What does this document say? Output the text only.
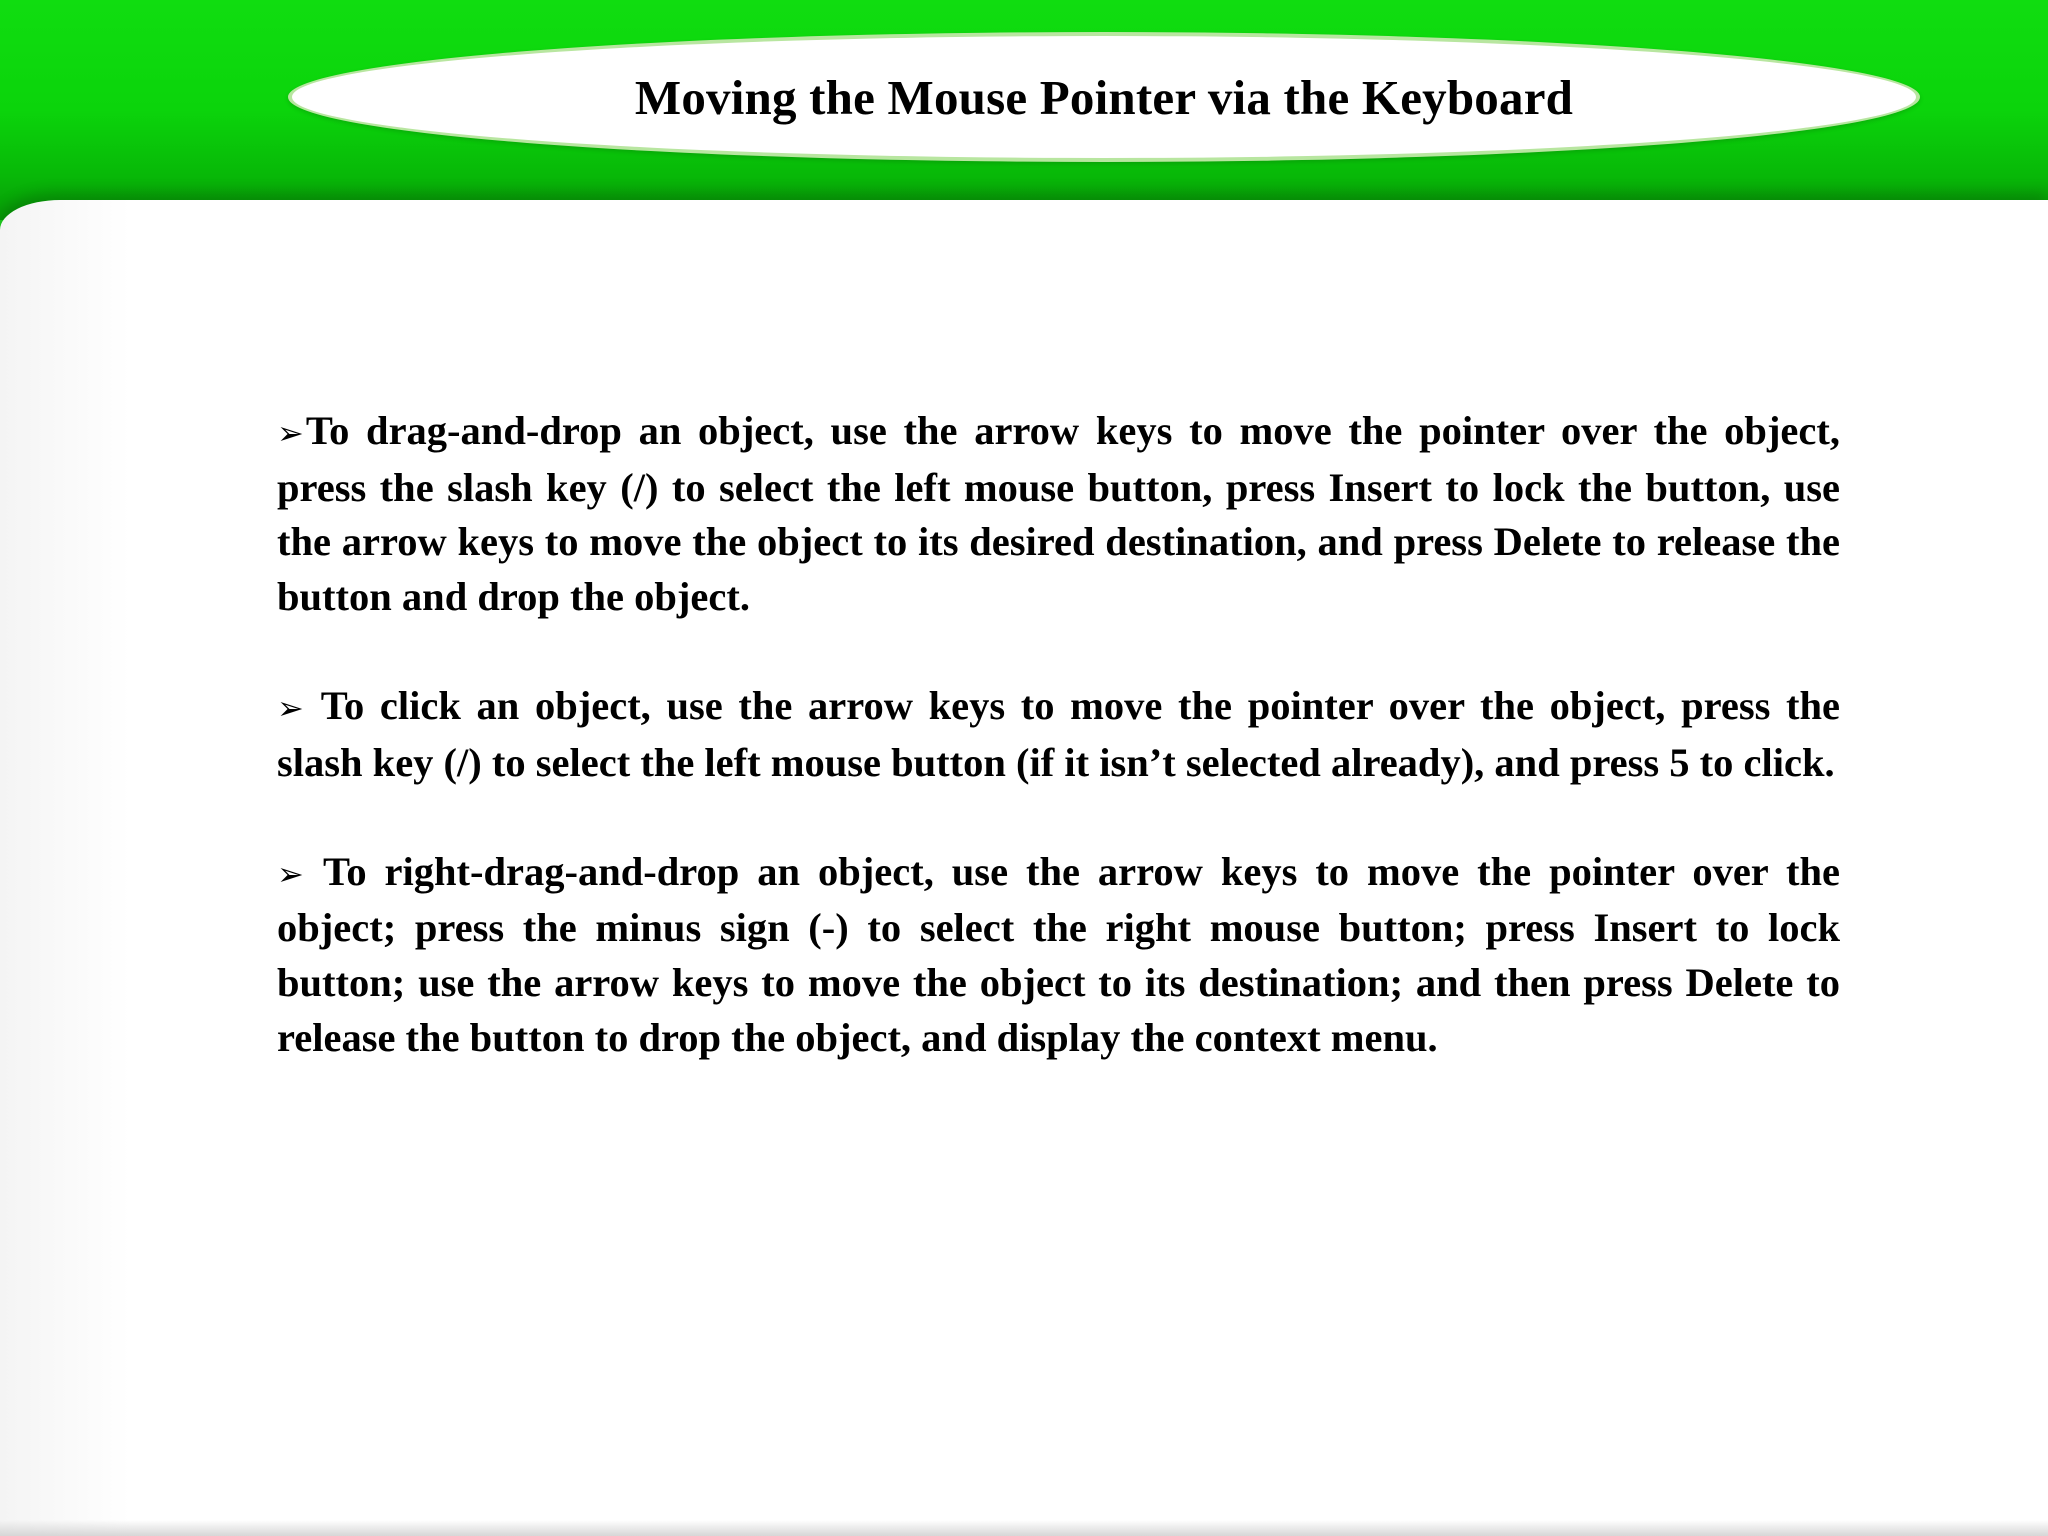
Moving the Mouse Pointer via the Keyboard

➢To drag-and-drop an object, use the arrow keys to move the pointer over the object, press the slash key (/) to select the left mouse button, press Insert to lock the button, use the arrow keys to move the object to its desired destination, and press Delete to release the button and drop the object.

➢ To click an object, use the arrow keys to move the pointer over the object, press the slash key (/) to select the left mouse button (if it isn’t selected already), and press 5 to click.

➢ To right-drag-and-drop an object, use the arrow keys to move the pointer over the object; press the minus sign (-) to select the right mouse button; press Insert to lock button; use the arrow keys to move the object to its destination; and then press Delete to release the button to drop the object, and display the context menu.
